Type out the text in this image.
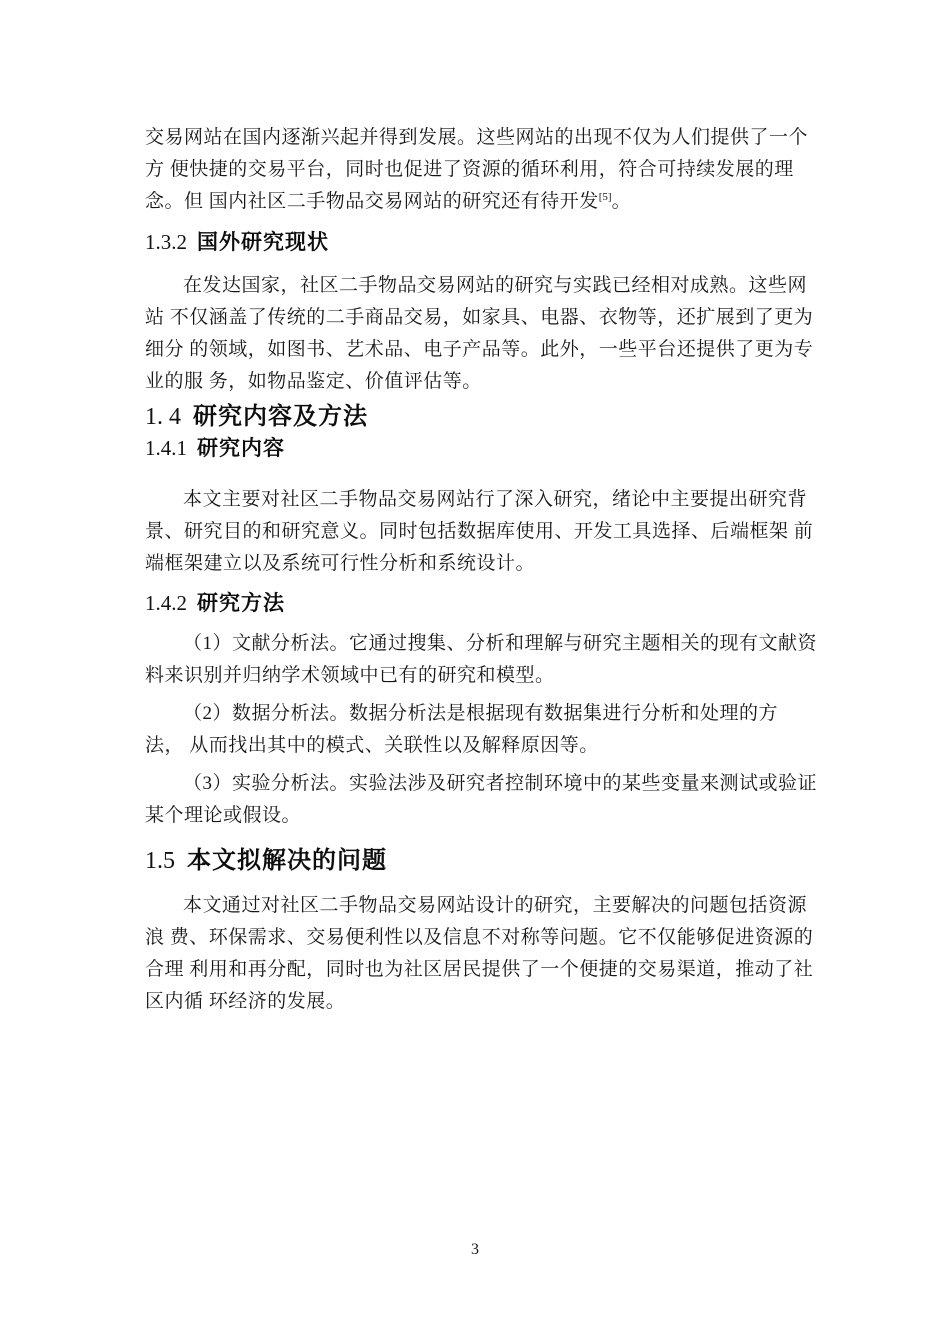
交易网站在国内逐渐兴起并得到发展。这些网站的出现不仅为人们提供了一个
方 便快捷的交易平台，同时也促进了资源的循环利用，符合可持续发展的理
念。但 国内社区二手物品交易网站的研究还有待开发[5]。

1.3.2 国外研究现状

在发达国家，社区二手物品交易网站的研究与实践已经相对成熟。这些网
站 不仅涵盖了传统的二手商品交易，如家具、电器、衣物等，还扩展到了更为
细分 的领域，如图书、艺术品、电子产品等。此外，一些平台还提供了更为专
业的服 务，如物品鉴定、价值评估等。

1. 4 研究内容及方法
1.4.1 研究内容

本文主要对社区二手物品交易网站行了深入研究，绪论中主要提出研究背
景、研究目的和研究意义。同时包括数据库使用、开发工具选择、后端框架 前
端框架建立以及系统可行性分析和系统设计。

1.4.2 研究方法

（1）文献分析法。它通过搜集、分析和理解与研究主题相关的现有文献资
料来识别并归纳学术领域中已有的研究和模型。

（2）数据分析法。数据分析法是根据现有数据集进行分析和处理的方
法， 从而找出其中的模式、关联性以及解释原因等。

（3）实验分析法。实验法涉及研究者控制环境中的某些变量来测试或验证
某个理论或假设。

1.5 本文拟解决的问题

本文通过对社区二手物品交易网站设计的研究，主要解决的问题包括资源
浪 费、环保需求、交易便利性以及信息不对称等问题。它不仅能够促进资源的
合理 利用和再分配，同时也为社区居民提供了一个便捷的交易渠道，推动了社
区内循 环经济的发展。

3
